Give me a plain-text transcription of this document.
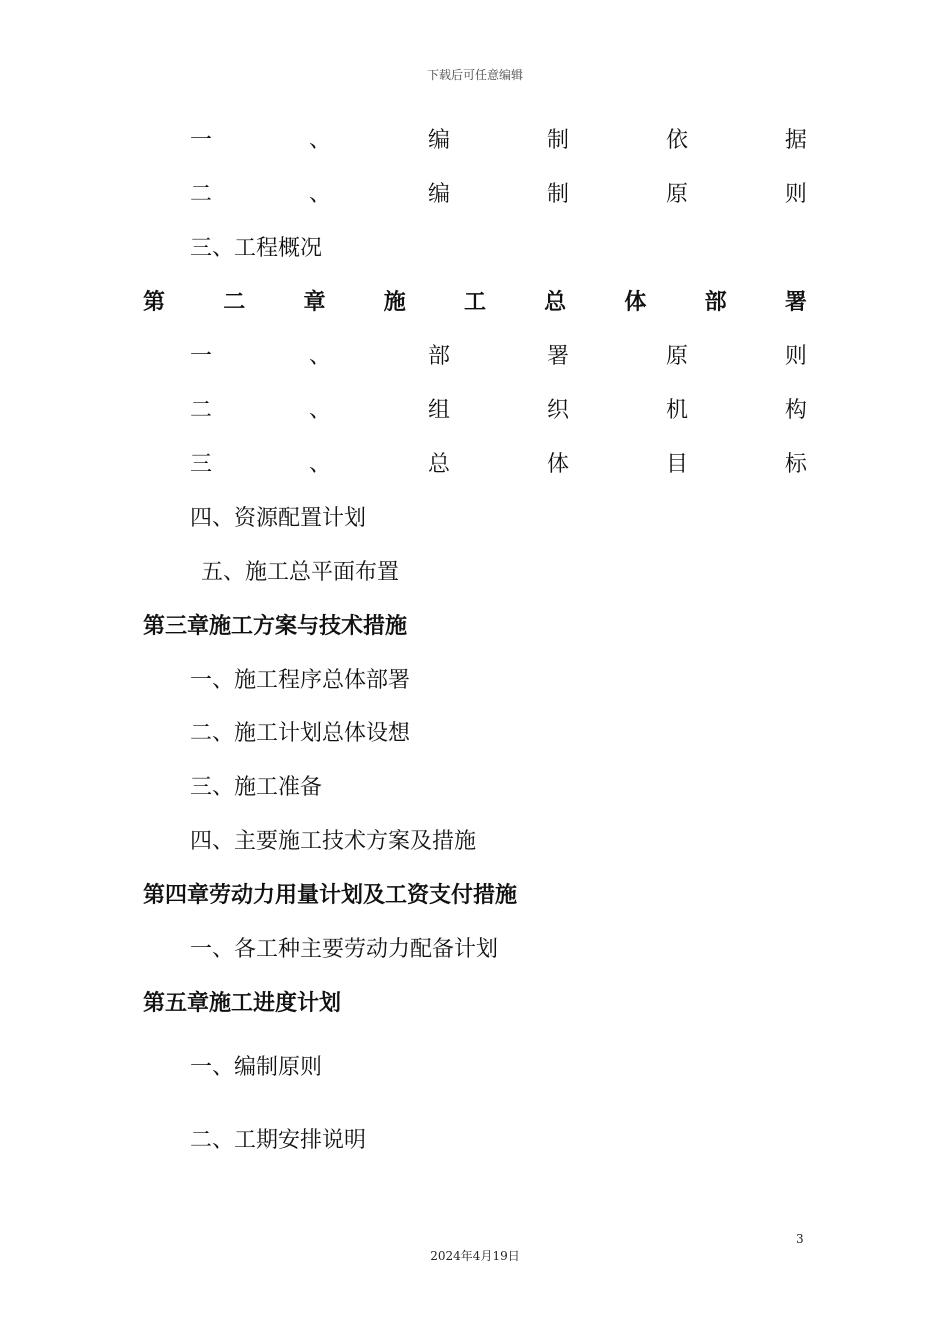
下载后可任意编辑
一	、	编	制	依	据
二	、	编	制	原	则
三、工程概况
第	二	章	施	工	总	体	部	署
一	、	部	署	原	则
二	、	组	织	机	构
三	、	总	体	目	标
四、资源配置计划
五、施工总平面布置
第三章施工方案与技术措施
一、施工程序总体部署
二、施工计划总体设想
三、施工准备
四、主要施工技术方案及措施
第四章劳动力用量计划及工资支付措施
一、各工种主要劳动力配备计划
第五章施工进度计划
一、编制原则
二、工期安排说明
3
2024年4月19日
